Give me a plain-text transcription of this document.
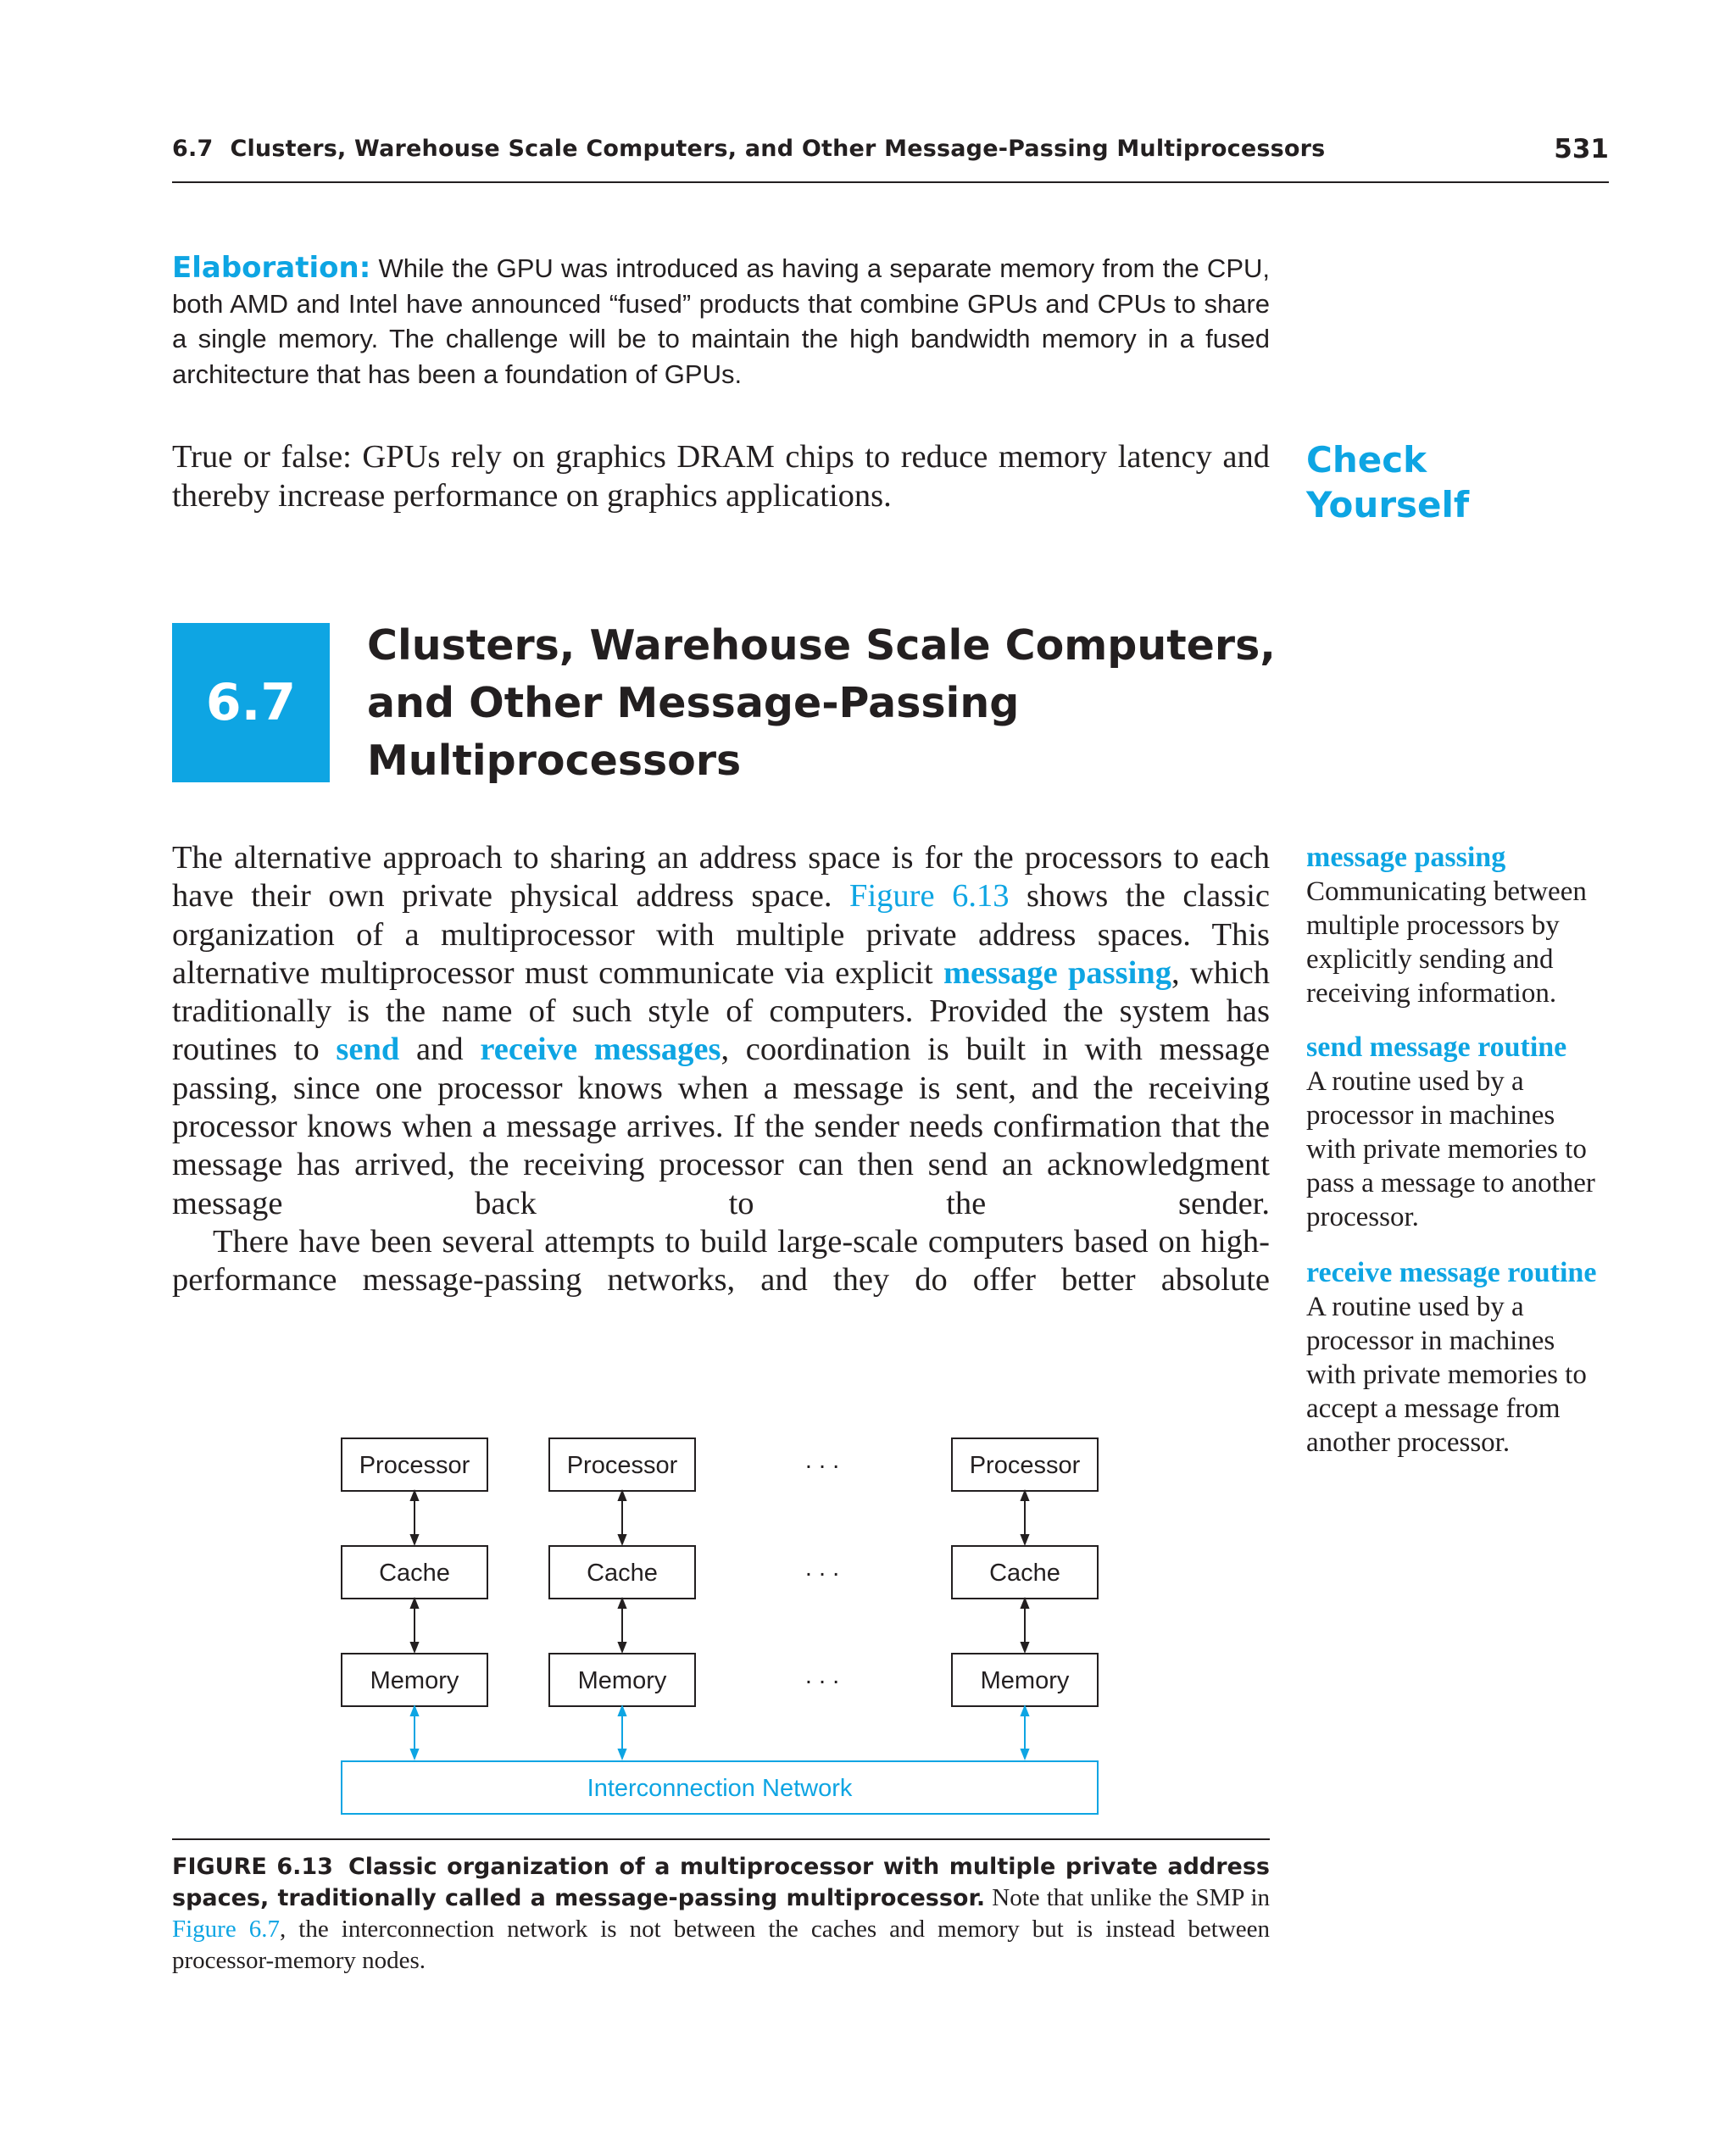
6.7 Clusters, Warehouse Scale Computers, and Other Message-Passing Multiprocessors	531
Elaboration: While the GPU was introduced as having a separate memory from the CPU, both AMD and Intel have announced “fused” products that combine GPUs and CPUs to share a single memory. The challenge will be to maintain the high bandwidth memory in a fused architecture that has been a foundation of GPUs.
True or false: GPUs rely on graphics DRAM chips to reduce memory latency and thereby increase performance on graphics applications.
Check
Yourself
6.7
Clusters, Warehouse Scale Computers,
and Other Message-Passing
Multiprocessors

The alternative approach to sharing an address space is for the processors to each have their own private physical address space. Figure 6.13 shows the classic organization of a multiprocessor with multiple private address spaces. This alternative multiprocessor must communicate via explicit message passing, which traditionally is the name of such style of computers. Provided the system has routines to send and receive messages, coordination is built in with message passing, since one processor knows when a message is sent, and the receiving processor knows when a message arrives. If the sender needs confirmation that the message has arrived, the receiving processor can then send an acknowledgment message back to the sender.

There have been several attempts to build large-scale computers based on high-performance message-passing networks, and they do offer better absolute

message passing
Communicating between multiple processors by explicitly sending and receiving information.
send message routine
A routine used by a processor in machines with private memories to pass a message to another processor.
receive message routine
A routine used by a processor in machines with private memories to accept a message from another processor.
Processor
Cache
Memory
Processor
Cache
Memory
. . .
. . .
. . .
Processor
Cache
Memory
Interconnection Network
FIGURE 6.13 Classic organization of a multiprocessor with multiple private address spaces, traditionally called a message-passing multiprocessor. Note that unlike the SMP in Figure 6.7, the interconnection network is not between the caches and memory but is instead between processor-memory nodes.
